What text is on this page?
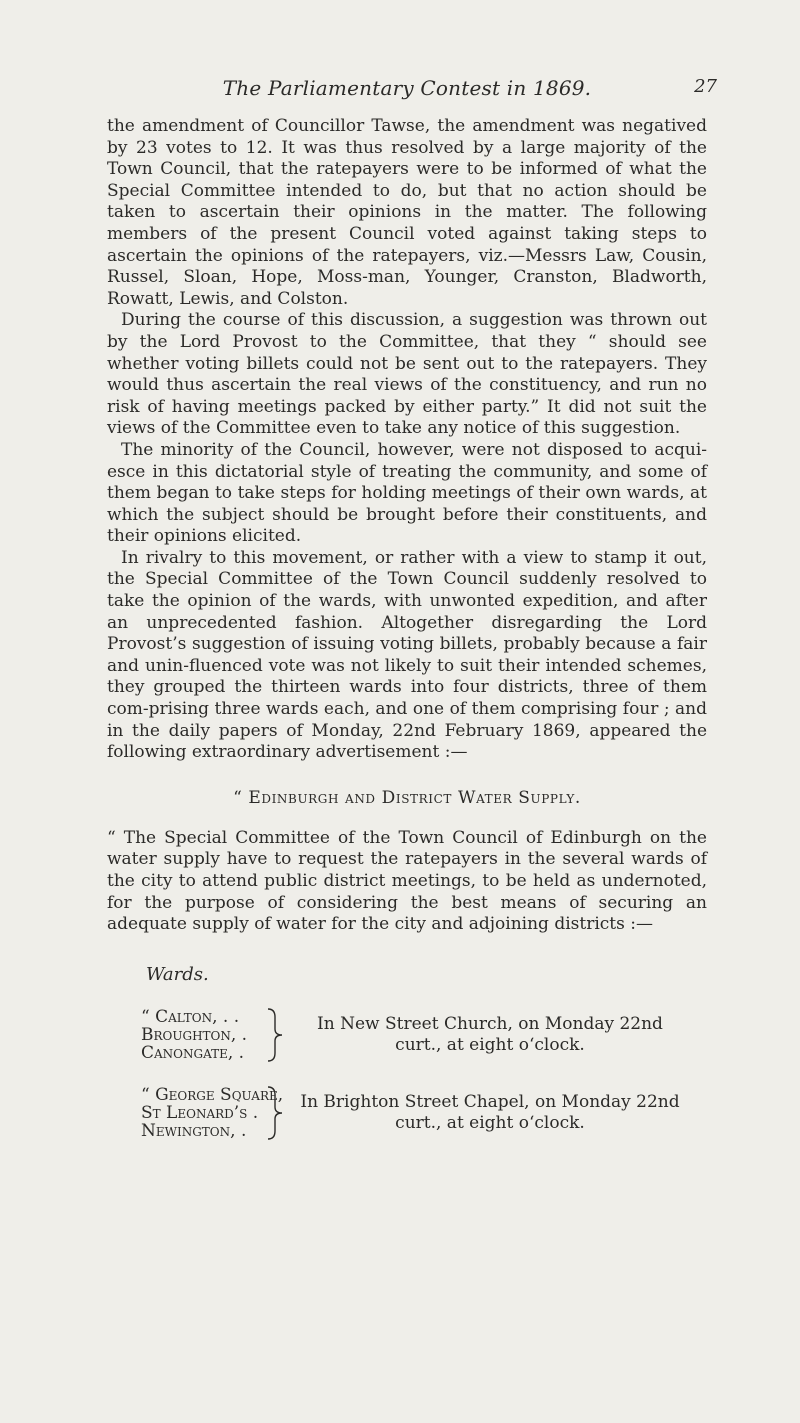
The Parliamentary Contest in 1869.	27

the amendment of Councillor Tawse, the amendment was negatived by 23 votes to 12. It was thus resolved by a large majority of the Town Council, that the ratepayers were to be informed of what the Special Committee intended to do, but that no action should be taken to ascertain their opinions in the matter. The following members of the present Council voted against taking steps to ascertain the opinions of the ratepayers, viz.—Messrs Law, Cousin, Russel, Sloan, Hope, Moss-man, Younger, Cranston, Bladworth, Rowatt, Lewis, and Colston.

During the course of this discussion, a suggestion was thrown out by the Lord Provost to the Committee, that they “ should see whether voting billets could not be sent out to the ratepayers. They would thus ascertain the real views of the constituency, and run no risk of having meetings packed by either party.” It did not suit the views of the Committee even to take any notice of this suggestion.

The minority of the Council, however, were not disposed to acqui-esce in this dictatorial style of treating the community, and some of them began to take steps for holding meetings of their own wards, at which the subject should be brought before their constituents, and their opinions elicited.

In rivalry to this movement, or rather with a view to stamp it out, the Special Committee of the Town Council suddenly resolved to take the opinion of the wards, with unwonted expedition, and after an unprecedented fashion. Altogether disregarding the Lord Provost’s suggestion of issuing voting billets, probably because a fair and unin-fluenced vote was not likely to suit their intended schemes, they grouped the thirteen wards into four districts, three of them com-prising three wards each, and one of them comprising four ; and in the daily papers of Monday, 22nd February 1869, appeared the following extraordinary advertisement :—

“ Edinburgh and District Water Supply.

“ The Special Committee of the Town Council of Edinburgh on the water supply have to request the ratepayers in the several wards of the city to attend public district meetings, to be held as undernoted, for the purpose of considering the best means of securing an adequate supply of water for the city and adjoining districts :—

Wards.
“ Calton, . .
Broughton, .
Canongate, .
In New Street Church, on Monday 22nd curt., at eight o‘clock.
“ George Square,
St Leonard’s .
Newington, .
In Brighton Street Chapel, on Monday 22nd curt., at eight o‘clock.
